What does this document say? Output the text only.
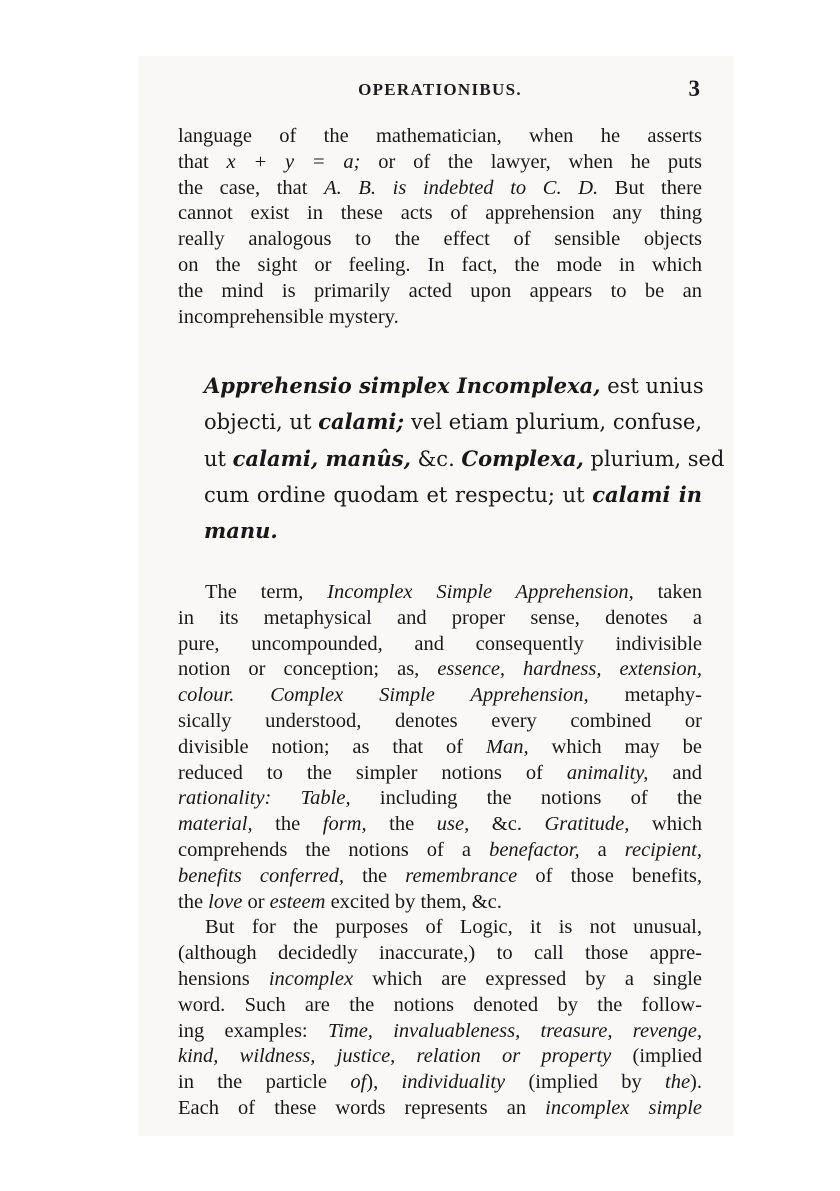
OPERATIONIBUS.	3
language of the mathematician, when he asserts
that x + y = a; or of the lawyer, when he puts
the case, that A. B. is indebted to C. D. But there
cannot exist in these acts of apprehension any thing
really analogous to the effect of sensible objects
on the sight or feeling. In fact, the mode in which
the mind is primarily acted upon appears to be an
incomprehensible mystery.
Apprehensio simplex Incomplexa, est unius
objecti, ut calami; vel etiam plurium, confuse,
ut calami, manûs, &c. Complexa, plurium, sed
cum ordine quodam et respectu; ut calami in
manu.
The term, Incomplex Simple Apprehension, taken
in its metaphysical and proper sense, denotes a
pure, uncompounded, and consequently indivisible
notion or conception; as, essence, hardness, extension,
colour. Complex Simple Apprehension, metaphy-
sically understood, denotes every combined or
divisible notion; as that of Man, which may be
reduced to the simpler notions of animality, and
rationality: Table, including the notions of the
material, the form, the use, &c. Gratitude, which
comprehends the notions of a benefactor, a recipient,
benefits conferred, the remembrance of those benefits,
the love or esteem excited by them, &c.
But for the purposes of Logic, it is not unusual,
(although decidedly inaccurate,) to call those appre-
hensions incomplex which are expressed by a single
word. Such are the notions denoted by the follow-
ing examples: Time, invaluableness, treasure, revenge,
kind, wildness, justice, relation or property (implied
in the particle of), individuality (implied by the).
Each of these words represents an incomplex simple
